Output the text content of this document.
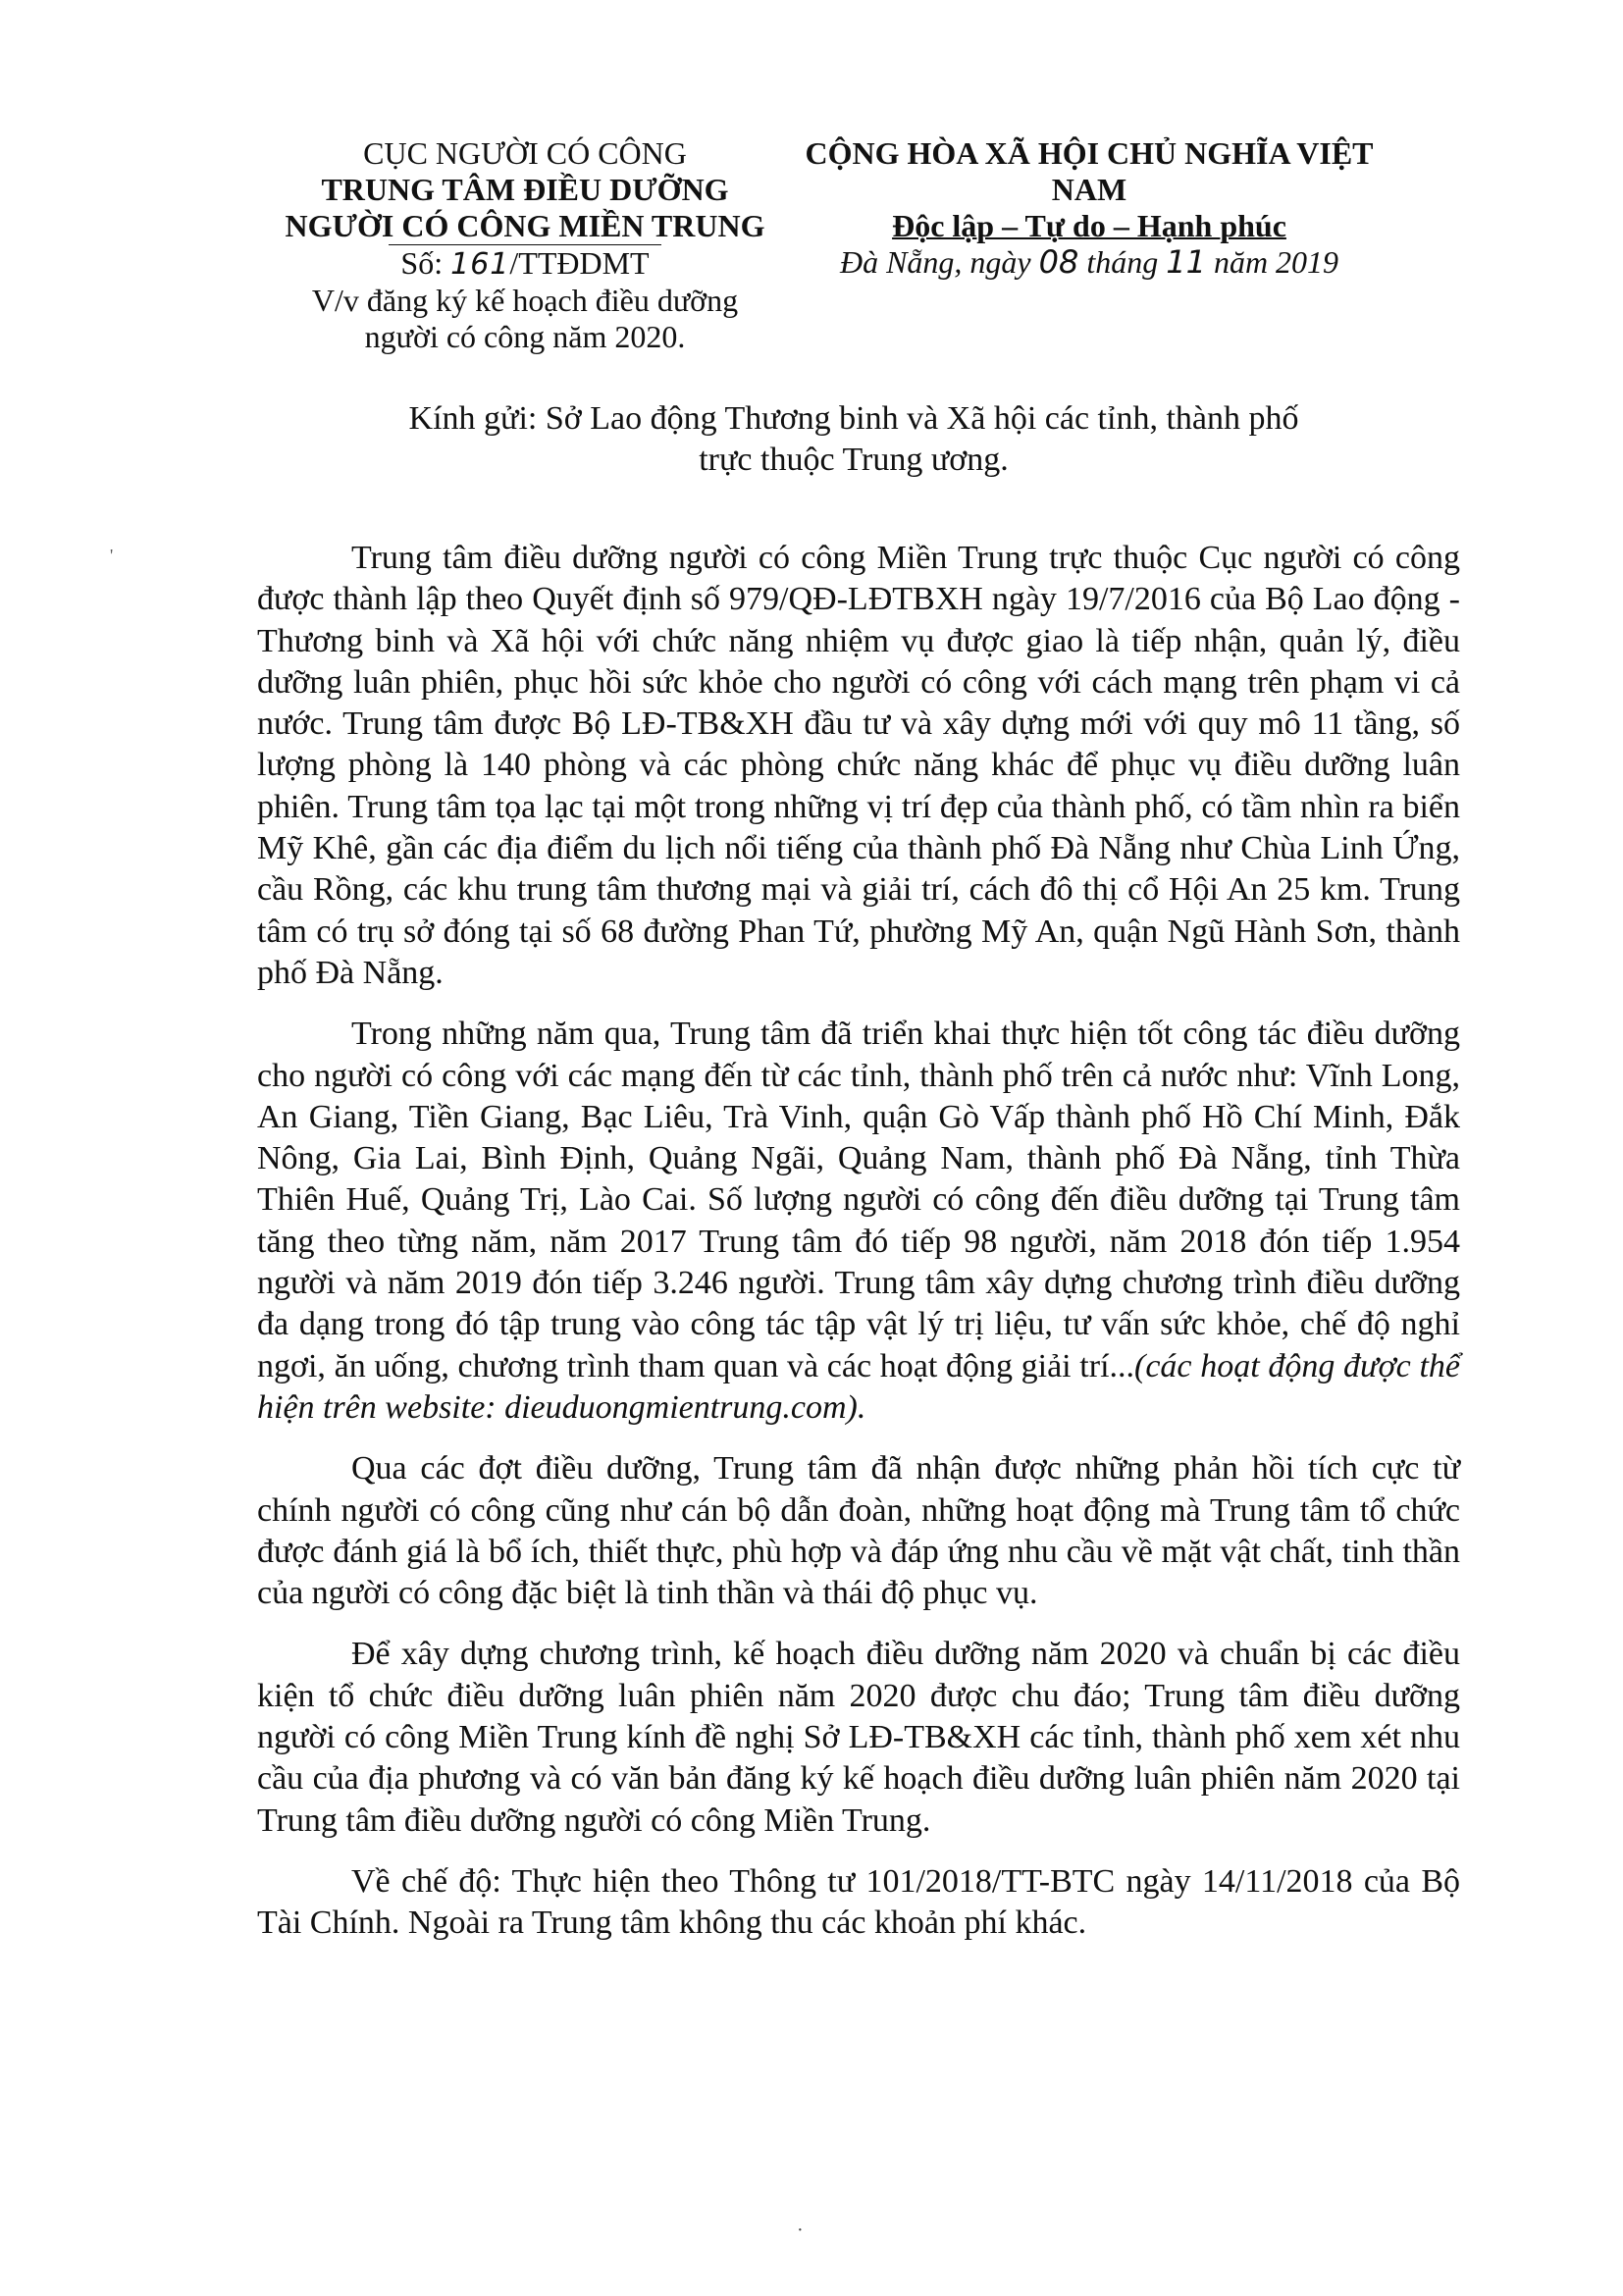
CỤC NGƯỜI CÓ CÔNG
TRUNG TÂM ĐIỀU DƯỠNG
NGƯỜI CÓ CÔNG MIỀN TRUNG
Số: 161/TTĐDMT
V/v đăng ký kế hoạch điều dưỡng
người có công năm 2020.
CỘNG HÒA XÃ HỘI CHỦ NGHĨA VIỆT NAM
Độc lập – Tự do – Hạnh phúc
Đà Nẵng, ngày 08 tháng 11 năm 2019
Kính gửi: Sở Lao động Thương binh và Xã hội các tỉnh, thành phố
trực thuộc Trung ương.
'	Trung tâm điều dưỡng người có công Miền Trung trực thuộc Cục người có công được thành lập theo Quyết định số 979/QĐ-LĐTBXH ngày 19/7/2016 của Bộ Lao động - Thương binh và Xã hội với chức năng nhiệm vụ được giao là tiếp nhận, quản lý, điều dưỡng luân phiên, phục hồi sức khỏe cho người có công với cách mạng trên phạm vi cả nước. Trung tâm được Bộ LĐ-TB&XH đầu tư và xây dựng mới với quy mô 11 tầng, số lượng phòng là 140 phòng và các phòng chức năng khác để phục vụ điều dưỡng luân phiên. Trung tâm tọa lạc tại một trong những vị trí đẹp của thành phố, có tầm nhìn ra biển Mỹ Khê, gần các địa điểm du lịch nổi tiếng của thành phố Đà Nẵng như Chùa Linh Ứng, cầu Rồng, các khu trung tâm thương mại và giải trí, cách đô thị cổ Hội An 25 km. Trung tâm có trụ sở đóng tại số 68 đường Phan Tứ, phường Mỹ An, quận Ngũ Hành Sơn, thành phố Đà Nẵng.

Trong những năm qua, Trung tâm đã triển khai thực hiện tốt công tác điều dưỡng cho người có công với các mạng đến từ các tỉnh, thành phố trên cả nước như: Vĩnh Long, An Giang, Tiền Giang, Bạc Liêu, Trà Vinh, quận Gò Vấp thành phố Hồ Chí Minh, Đắk Nông, Gia Lai, Bình Định, Quảng Ngãi, Quảng Nam, thành phố Đà Nẵng, tỉnh Thừa Thiên Huế, Quảng Trị, Lào Cai. Số lượng người có công đến điều dưỡng tại Trung tâm tăng theo từng năm, năm 2017 Trung tâm đó tiếp 98 người, năm 2018 đón tiếp 1.954 người và năm 2019 đón tiếp 3.246 người. Trung tâm xây dựng chương trình điều dưỡng đa dạng trong đó tập trung vào công tác tập vật lý trị liệu, tư vấn sức khỏe, chế độ nghỉ ngơi, ăn uống, chương trình tham quan và các hoạt động giải trí...(các hoạt động được thể hiện trên website: dieuduongmientrung.com).

Qua các đợt điều dưỡng, Trung tâm đã nhận được những phản hồi tích cực từ chính người có công cũng như cán bộ dẫn đoàn, những hoạt động mà Trung tâm tổ chức được đánh giá là bổ ích, thiết thực, phù hợp và đáp ứng nhu cầu về mặt vật chất, tinh thần của người có công đặc biệt là tinh thần và thái độ phục vụ.

Để xây dựng chương trình, kế hoạch điều dưỡng năm 2020 và chuẩn bị các điều kiện tổ chức điều dưỡng luân phiên năm 2020 được chu đáo; Trung tâm điều dưỡng người có công Miền Trung kính đề nghị Sở LĐ-TB&XH các tỉnh, thành phố xem xét nhu cầu của địa phương và có văn bản đăng ký kế hoạch điều dưỡng luân phiên năm 2020 tại Trung tâm điều dưỡng người có công Miền Trung.

Về chế độ: Thực hiện theo Thông tư 101/2018/TT-BTC ngày 14/11/2018 của Bộ Tài Chính. Ngoài ra Trung tâm không thu các khoản phí khác.

·
